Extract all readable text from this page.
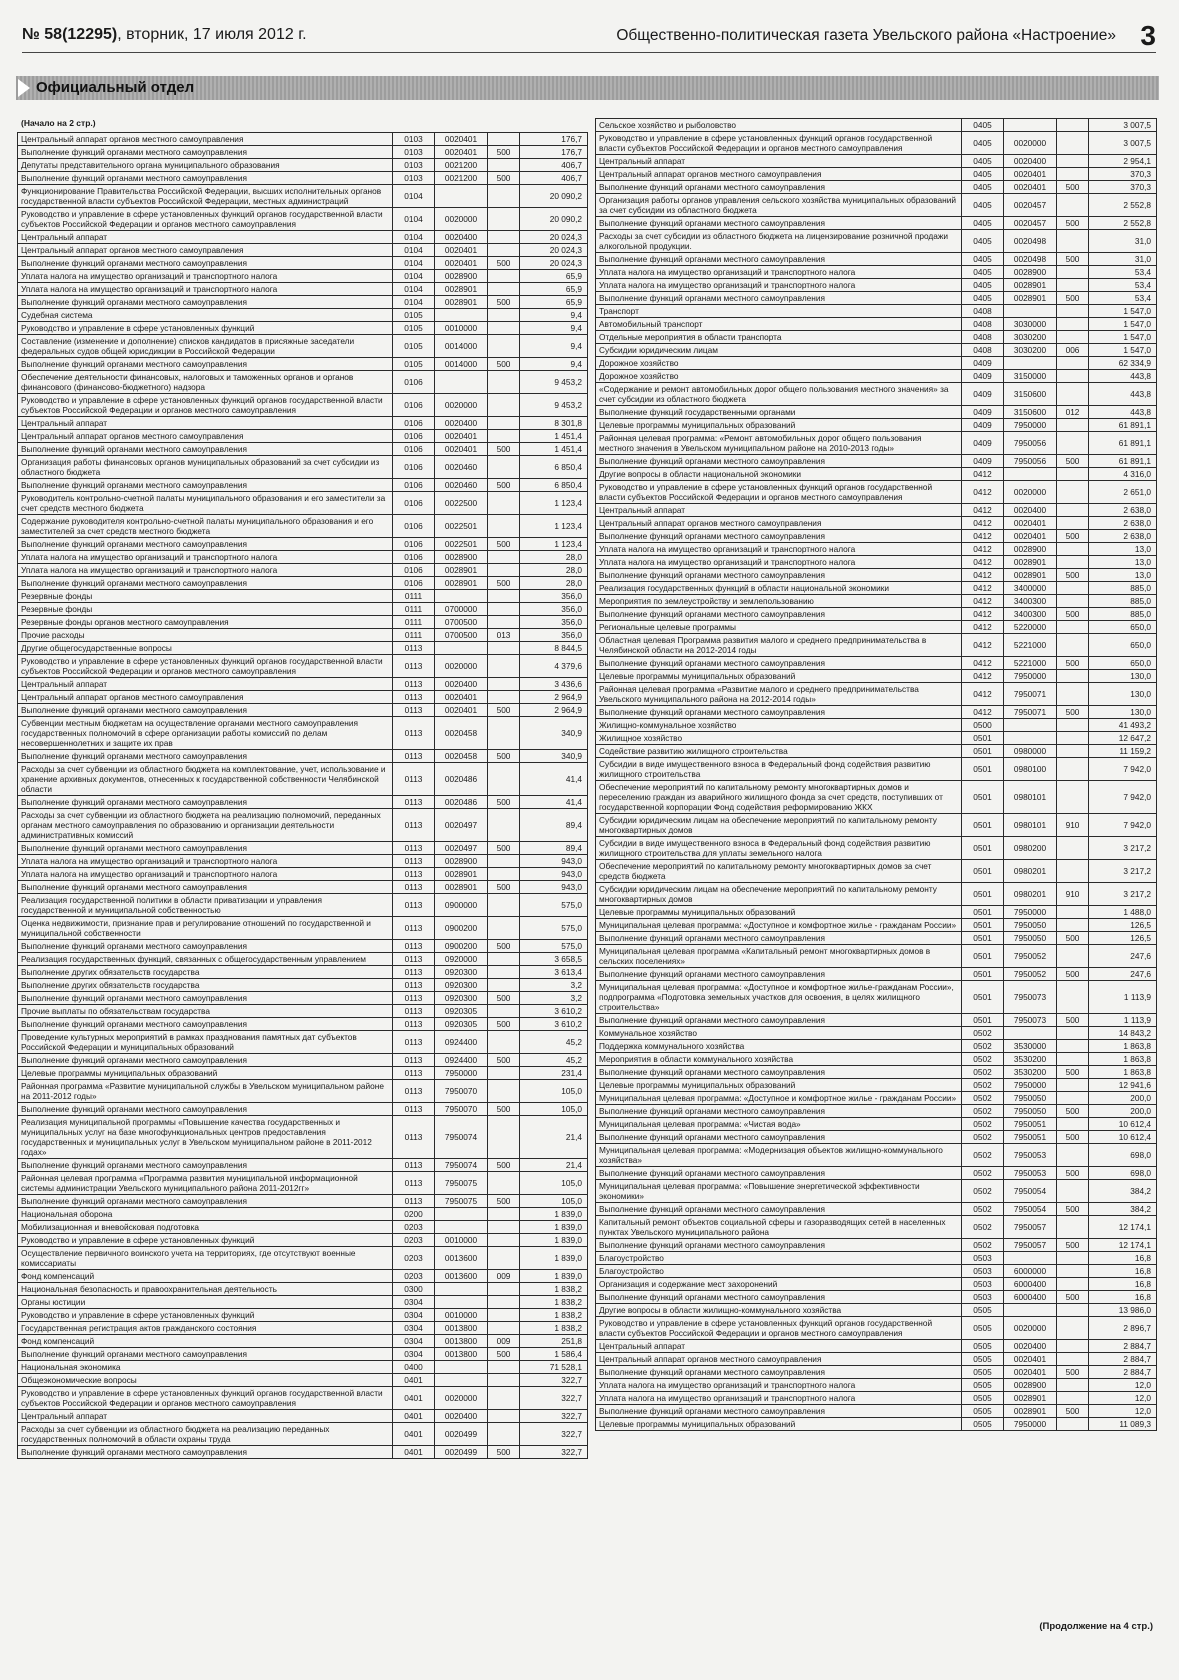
№ 58(12295), вторник, 17 июля 2012 г.	Общественно-политическая газета Увельского района «Настроение» 3
Официальный отдел
(Начало на 2 стр.)
Центральный аппарат органов местного самоуправления	0103	0020401		176,7
Выполнение функций органами местного самоуправления	0103	0020401	500	176,7
Депутаты представительного органа муниципального образования	0103	0021200		406,7
Выполнение функций органами местного самоуправления	0103	0021200	500	406,7
Функционирование Правительства Российской Федерации, высших исполнительных органов государственной власти субъектов Российской Федерации, местных администраций	0104			20 090,2
Руководство и управление в сфере установленных функций органов государственной власти субъектов Российской Федерации и органов местного самоуправления	0104	0020000		20 090,2
Центральный аппарат	0104	0020400		20 024,3
Центральный аппарат органов местного самоуправления	0104	0020401		20 024,3
Выполнение функций органами местного самоуправления	0104	0020401	500	20 024,3
Уплата налога на имущество организаций и транспортного налога	0104	0028900		65,9
Уплата налога на имущество организаций и транспортного налога	0104	0028901		65,9
Выполнение функций органами местного самоуправления	0104	0028901	500	65,9
Судебная система	0105			9,4
Руководство и управление в сфере установленных функций	0105	0010000		9,4
Составление (изменение и дополнение) списков кандидатов в присяжные заседатели федеральных судов общей юрисдикции в Российской Федерации	0105	0014000		9,4
Выполнение функций органами местного самоуправления	0105	0014000	500	9,4
Обеспечение деятельности финансовых, налоговых и таможенных органов и органов финансового (финансово-бюджетного) надзора	0106			9 453,2
Руководство и управление в сфере установленных функций органов государственной власти субъектов Российской Федерации и органов местного самоуправления	0106	0020000		9 453,2
Центральный аппарат	0106	0020400		8 301,8
Центральный аппарат органов местного самоуправления	0106	0020401		1 451,4
Выполнение функций органами местного самоуправления	0106	0020401	500	1 451,4
Организация работы финансовых органов муниципальных образований за счет субсидии из областного бюджета	0106	0020460		6 850,4
Выполнение функций органами местного самоуправления	0106	0020460	500	6 850,4
Руководитель контрольно-счетной палаты муниципального образования и его заместители за счет средств местного бюджета	0106	0022500		1 123,4
Содержание руководителя контрольно-счетной палаты муниципального образования и его заместителей за счет средств местного бюджета	0106	0022501		1 123,4
Выполнение функций органами местного самоуправления	0106	0022501	500	1 123,4
Уплата налога на имущество организаций и транспортного налога	0106	0028900		28,0
Уплата налога на имущество организаций и транспортного налога	0106	0028901		28,0
Выполнение функций органами местного самоуправления	0106	0028901	500	28,0
Резервные фонды	0111			356,0
Резервные фонды	0111	0700000		356,0
Резервные фонды органов местного самоуправления	0111	0700500		356,0
Прочие расходы	0111	0700500	013	356,0
Другие общегосударственные вопросы	0113			8 844,5
Руководство и управление в сфере установленных функций органов государственной власти субъектов Российской Федерации и органов местного самоуправления	0113	0020000		4 379,6
Центральный аппарат	0113	0020400		3 436,6
Центральный аппарат органов местного самоуправления	0113	0020401		2 964,9
Выполнение функций органами местного самоуправления	0113	0020401	500	2 964,9
Субвенции местным бюджетам на осуществление органами местного самоуправления государственных полномочий в сфере организации работы комиссий по делам несовершеннолетних и защите их прав	0113	0020458		340,9
Выполнение функций органами местного самоуправления	0113	0020458	500	340,9
Расходы за счет субвенции из областного бюджета на комплектование, учет, использование и хранение архивных документов, отнесенных к государственной собственности Челябинской области	0113	0020486		41,4
Выполнение функций органами местного самоуправления	0113	0020486	500	41,4
Расходы за счет субвенции из областного бюджета на реализацию полномочий, переданных органам местного самоуправления по образованию и организации деятельности административных комиссий	0113	0020497		89,4
Выполнение функций органами местного самоуправления	0113	0020497	500	89,4
Уплата налога на имущество организаций и транспортного налога	0113	0028900		943,0
Уплата налога на имущество организаций и транспортного налога	0113	0028901		943,0
Выполнение функций органами местного самоуправления	0113	0028901	500	943,0
Реализация государственной политики в области приватизации и управления государственной и муниципальной собственностью	0113	0900000		575,0
Оценка недвижимости, признание прав и регулирование отношений по государственной и муниципальной собственности	0113	0900200		575,0
Выполнение функций органами местного самоуправления	0113	0900200	500	575,0
Реализация государственных функций, связанных с общегосударственным управлением	0113	0920000		3 658,5
Выполнение других обязательств государства	0113	0920300		3 613,4
Выполнение других обязательств государства	0113	0920300		3,2
Выполнение функций органами местного самоуправления	0113	0920300	500	3,2
Прочие выплаты по обязательствам государства	0113	0920305		3 610,2
Выполнение функций органами местного самоуправления	0113	0920305	500	3 610,2
Проведение культурных мероприятий в рамках празднования памятных дат субъектов Российской Федерации и муниципальных образований	0113	0924400		45,2
Выполнение функций органами местного самоуправления	0113	0924400	500	45,2
Целевые программы муниципальных образований	0113	7950000		231,4
Районная программа «Развитие муниципальной службы в Увельском муниципальном районе на 2011-2012 годы»	0113	7950070		105,0
Выполнение функций органами местного самоуправления	0113	7950070	500	105,0
Реализация муниципальной программы «Повышение качества государственных и муниципальных услуг на базе многофункциональных центров предоставления государственных и муниципальных услуг в Увельском муниципальном районе в 2011-2012 годах»	0113	7950074		21,4
Выполнение функций органами местного самоуправления	0113	7950074	500	21,4
Районная целевая программа «Программа развития муниципальной информационной системы администрации Увельского муниципального района 2011-2012гг»	0113	7950075		105,0
Выполнение функций органами местного самоуправления	0113	7950075	500	105,0
Национальная оборона	0200			1 839,0
Мобилизационная и вневойсковая подготовка	0203			1 839,0
Руководство и управление в сфере установленных функций	0203	0010000		1 839,0
Осуществление первичного воинского учета на территориях, где отсутствуют военные комиссариаты	0203	0013600		1 839,0
Фонд компенсаций	0203	0013600	009	1 839,0
Национальная безопасность и правоохранительная деятельность	0300			1 838,2
Органы юстиции	0304			1 838,2
Руководство и управление в сфере установленных функций	0304	0010000		1 838,2
Государственная регистрация актов гражданского состояния	0304	0013800		1 838,2
Фонд компенсаций	0304	0013800	009	251,8
Выполнение функций органами местного самоуправления	0304	0013800	500	1 586,4
Национальная экономика	0400			71 528,1
Общеэкономические вопросы	0401			322,7
Руководство и управление в сфере установленных функций органов государственной власти субъектов Российской Федерации и органов местного самоуправления	0401	0020000		322,7
Центральный аппарат	0401	0020400		322,7
Расходы за счет субвенции из областного бюджета на реализацию переданных государственных полномочий в области охраны труда	0401	0020499		322,7
Выполнение функций органами местного самоуправления	0401	0020499	500	322,7
Сельское хозяйство и рыболовство	0405			3 007,5
Руководство и управление в сфере установленных функций органов государственной власти субъектов Российской Федерации и органов местного самоуправления	0405	0020000		3 007,5
Центральный аппарат	0405	0020400		2 954,1
Центральный аппарат органов местного самоуправления	0405	0020401		370,3
Выполнение функций органами местного самоуправления	0405	0020401	500	370,3
Организация работы органов управления сельского хозяйства муниципальных образований за счет субсидии из областного бюджета	0405	0020457		2 552,8
Выполнение функций органами местного самоуправления	0405	0020457	500	2 552,8
Расходы за счет субсидии из областного бюджета на лицензирование розничной продажи алкогольной продукции.	0405	0020498		31,0
Выполнение функций органами местного самоуправления	0405	0020498	500	31,0
Уплата налога на имущество организаций и транспортного налога	0405	0028900		53,4
Уплата налога на имущество организаций и транспортного налога	0405	0028901		53,4
Выполнение функций органами местного самоуправления	0405	0028901	500	53,4
Транспорт	0408			1 547,0
Автомобильный транспорт	0408	3030000		1 547,0
Отдельные мероприятия в области транспорта	0408	3030200		1 547,0
Субсидии юридическим лицам	0408	3030200	006	1 547,0
Дорожное хозяйство	0409			62 334,9
Дорожное хозяйство	0409	3150000		443,8
«Содержание и ремонт автомобильных дорог общего пользования местного значения» за счет субсидии из областного бюджета	0409	3150600		443,8
Выполнение функций государственными органами	0409	3150600	012	443,8
Целевые программы муниципальных образований	0409	7950000		61 891,1
Районная целевая программа: «Ремонт автомобильных дорог общего пользования местного значения в Увельском муниципальном районе на 2010-2013 годы»	0409	7950056		61 891,1
Выполнение функций органами местного самоуправления	0409	7950056	500	61 891,1
Другие вопросы в области национальной экономики	0412			4 316,0
Руководство и управление в сфере установленных функций органов государственной власти субъектов Российской Федерации и органов местного самоуправления	0412	0020000		2 651,0
Центральный аппарат	0412	0020400		2 638,0
Центральный аппарат органов местного самоуправления	0412	0020401		2 638,0
Выполнение функций органами местного самоуправления	0412	0020401	500	2 638,0
Уплата налога на имущество организаций и транспортного налога	0412	0028900		13,0
Уплата налога на имущество организаций и транспортного налога	0412	0028901		13,0
Выполнение функций органами местного самоуправления	0412	0028901	500	13,0
Реализация государственных функций в области национальной экономики	0412	3400000		885,0
Мероприятия по землеустройству и землепользованию	0412	3400300		885,0
Выполнение функций органами местного самоуправления	0412	3400300	500	885,0
Региональные целевые программы	0412	5220000		650,0
Областная целевая Программа развития малого и среднего предпринимательства в Челябинской области на 2012-2014 годы	0412	5221000		650,0
Выполнение функций органами местного самоуправления	0412	5221000	500	650,0
Целевые программы муниципальных образований	0412	7950000		130,0
Районная целевая программа «Развитие малого и среднего предпринимательства Увельского муниципального района на 2012-2014 годы»	0412	7950071		130,0
Выполнение функций органами местного самоуправления	0412	7950071	500	130,0
Жилищно-коммунальное хозяйство	0500			41 493,2
Жилищное хозяйство	0501			12 647,2
Содействие развитию жилищного строительства	0501	0980000		11 159,2
Субсидии в виде имущественного взноса в Федеральный фонд содействия развитию жилищного строительства	0501	0980100		7 942,0
Обеспечение мероприятий по капитальному ремонту многоквартирных домов и переселению граждан из аварийного жилищного фонда за счет средств, поступивших от государственной корпорации Фонд содействия реформированию ЖКХ	0501	0980101		7 942,0
Субсидии юридическим лицам на обеспечение мероприятий по капитальному ремонту многоквартирных домов	0501	0980101	910	7 942,0
Субсидии в виде имущественного взноса в Федеральный фонд содействия развитию жилищного строительства для уплаты земельного налога	0501	0980200		3 217,2
Обеспечение мероприятий по капитальному ремонту многоквартирных домов за счет средств бюджета	0501	0980201		3 217,2
Субсидии юридическим лицам на обеспечение мероприятий по капитальному ремонту многоквартирных домов	0501	0980201	910	3 217,2
Целевые программы муниципальных образований	0501	7950000		1 488,0
Муниципальная целевая программа: «Доступное и комфортное жилье - гражданам России»	0501	7950050		126,5
Выполнение функций органами местного самоуправления	0501	7950050	500	126,5
Муниципальная целевая программа «Капитальный ремонт многоквартирных домов в сельских поселениях»	0501	7950052		247,6
Выполнение функций органами местного самоуправления	0501	7950052	500	247,6
Муниципальная целевая программа: «Доступное и комфортное жилье-гражданам России», подпрограмма «Подготовка земельных участков для освоения, в целях жилищного строительства»	0501	7950073		1 113,9
Выполнение функций органами местного самоуправления	0501	7950073	500	1 113,9
Коммунальное хозяйство	0502			14 843,2
Поддержка коммунального хозяйства	0502	3530000		1 863,8
Мероприятия в области коммунального хозяйства	0502	3530200		1 863,8
Выполнение функций органами местного самоуправления	0502	3530200	500	1 863,8
Целевые программы муниципальных образований	0502	7950000		12 941,6
Муниципальная целевая программа: «Доступное и комфортное жилье - гражданам России»	0502	7950050		200,0
Выполнение функций органами местного самоуправления	0502	7950050	500	200,0
Муниципальная целевая программа: «Чистая вода»	0502	7950051		10 612,4
Выполнение функций органами местного самоуправления	0502	7950051	500	10 612,4
Муниципальная целевая программа: «Модернизация объектов жилищно-коммунального хозяйства»	0502	7950053		698,0
Выполнение функций органами местного самоуправления	0502	7950053	500	698,0
Муниципальная целевая программа: «Повышение энергетической эффективности экономики»	0502	7950054		384,2
Выполнение функций органами местного самоуправления	0502	7950054	500	384,2
Капитальный ремонт объектов социальной сферы и газоразводящих сетей в населенных пунктах Увельского муниципального района	0502	7950057		12 174,1
Выполнение функций органами местного самоуправления	0502	7950057	500	12 174,1
Благоустройство	0503			16,8
Благоустройство	0503	6000000		16,8
Организация и содержание мест захоронений	0503	6000400		16,8
Выполнение функций органами местного самоуправления	0503	6000400	500	16,8
Другие вопросы в области жилищно-коммунального хозяйства	0505			13 986,0
Руководство и управление в сфере установленных функций органов государственной власти субъектов Российской Федерации и органов местного самоуправления	0505	0020000		2 896,7
Центральный аппарат	0505	0020400		2 884,7
Центральный аппарат органов местного самоуправления	0505	0020401		2 884,7
Выполнение функций органами местного самоуправления	0505	0020401	500	2 884,7
Уплата налога на имущество организаций и транспортного налога	0505	0028900		12,0
Уплата налога на имущество организаций и транспортного налога	0505	0028901		12,0
Выполнение функций органами местного самоуправления	0505	0028901	500	12,0
Целевые программы муниципальных образований	0505	7950000		11 089,3
(Продолжение на 4 стр.)
